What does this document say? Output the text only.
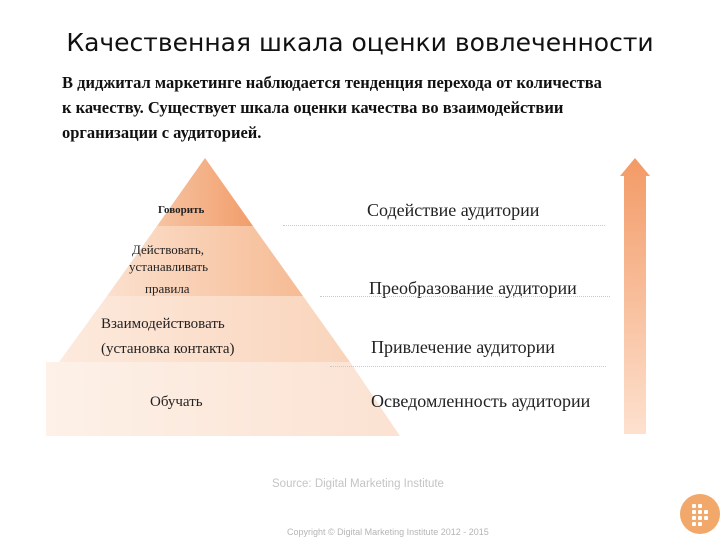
Качественная шкала оценки вовлеченности
В диджитал маркетинге наблюдается тенденция перехода от количества
к качеству. Существует шкала оценки качества во взаимодействии
организации с аудиторией.
Говорить
Действовать,
устанавливать
правила
Взаимодействовать
(установка контакта)
Обучать
Содействие аудитории
Преобразование аудитории
Привлечение аудитории
Осведомленность аудитории
Source: Digital Marketing Institute
Copyright © Digital Marketing Institute 2012 - 2015
